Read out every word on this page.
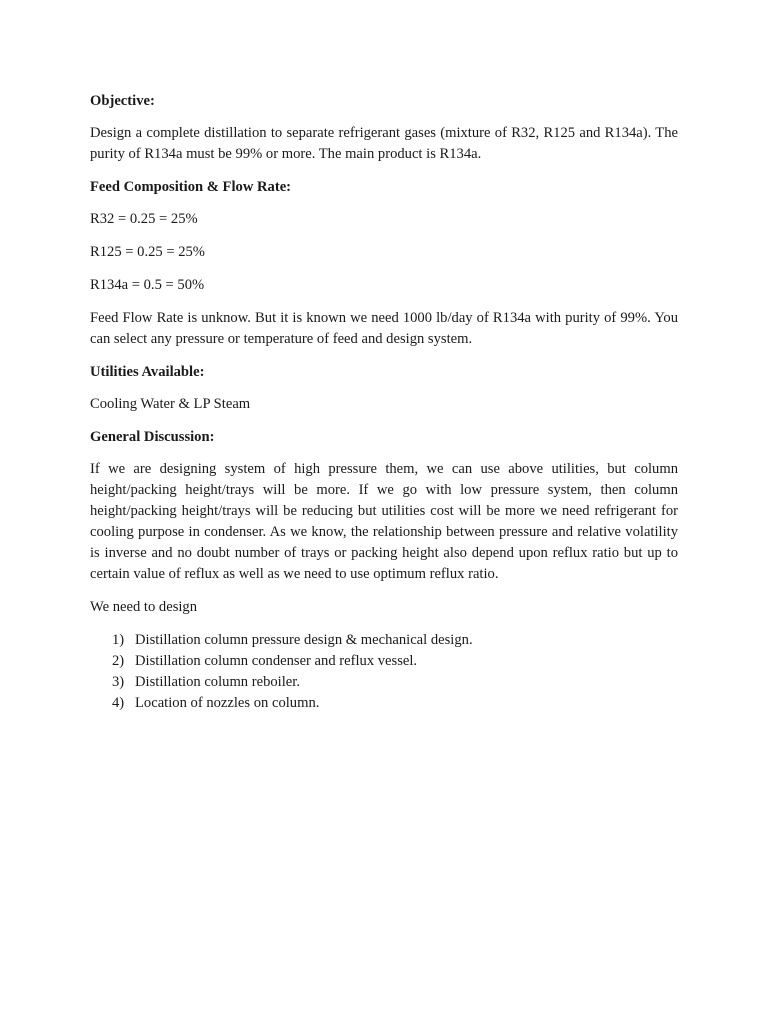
Objective:

Design a complete distillation to separate refrigerant gases (mixture of R32, R125 and R134a). The purity of R134a must be 99% or more. The main product is R134a.

Feed Composition & Flow Rate:

R32 = 0.25 = 25%

R125 = 0.25 = 25%

R134a = 0.5 = 50%

Feed Flow Rate is unknow. But it is known we need 1000 lb/day of R134a with purity of 99%. You can select any pressure or temperature of feed and design system.

Utilities Available:

Cooling Water & LP Steam

General Discussion:

If we are designing system of high pressure them, we can use above utilities, but column height/packing height/trays will be more. If we go with low pressure system, then column height/packing height/trays will be reducing but utilities cost will be more we need refrigerant for cooling purpose in condenser. As we know, the relationship between pressure and relative volatility is inverse and no doubt number of trays or packing height also depend upon reflux ratio but up to certain value of reflux as well as we need to use optimum reflux ratio.

We need to design

1) Distillation column pressure design & mechanical design.
2) Distillation column condenser and reflux vessel.
3) Distillation column reboiler.
4) Location of nozzles on column.
